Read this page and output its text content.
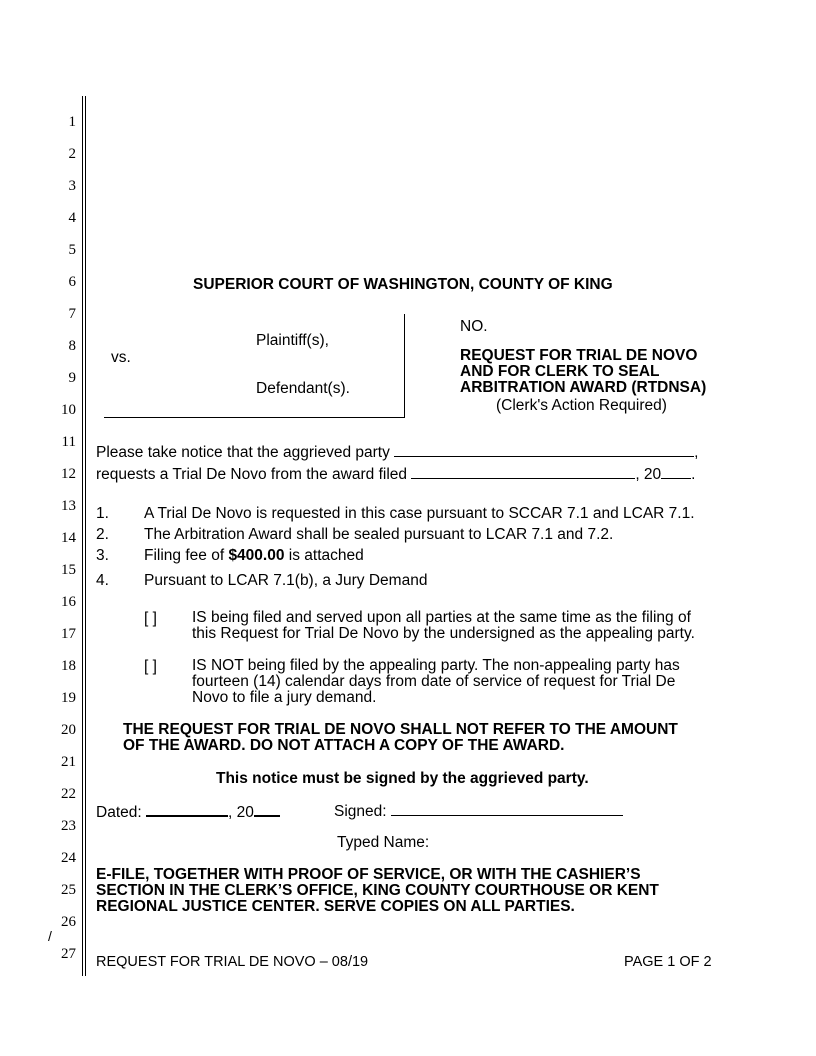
1
2
3
4
5
6
7
8
9
10
11
12
13
14
15
16
17
18
19
20
21
22
23
24
25
26
27
/
SUPERIOR COURT OF WASHINGTON, COUNTY OF KING
Plaintiff(s),
vs.
Defendant(s).
NO.
REQUEST FOR TRIAL DE NOVO
AND FOR CLERK TO SEAL
ARBITRATION AWARD (RTDNSA)
(Clerk's Action Required)
Please take notice that the aggrieved party	,
requests a Trial De Novo from the award filed	, 20 .
1. A Trial De Novo is requested in this case pursuant to SCCAR 7.1 and LCAR 7.1.
2. The Arbitration Award shall be sealed pursuant to LCAR 7.1 and 7.2.
3. Filing fee of $400.00 is attached
4. Pursuant to LCAR 7.1(b), a Jury Demand
[ ] IS being filed and served upon all parties at the same time as the filing of
this Request for Trial De Novo by the undersigned as the appealing party.
[ ] IS NOT being filed by the appealing party. The non-appealing party has
fourteen (14) calendar days from date of service of request for Trial De
Novo to file a jury demand.
THE REQUEST FOR TRIAL DE NOVO SHALL NOT REFER TO THE AMOUNT
OF THE AWARD. DO NOT ATTACH A COPY OF THE AWARD.
This notice must be signed by the aggrieved party.
Dated:	, 20	Signed:
Typed Name:
E-FILE, TOGETHER WITH PROOF OF SERVICE, OR WITH THE CASHIER’S
SECTION IN THE CLERK’S OFFICE, KING COUNTY COURTHOUSE OR KENT
REGIONAL JUSTICE CENTER. SERVE COPIES ON ALL PARTIES.
REQUEST FOR TRIAL DE NOVO – 08/19	PAGE 1 OF 2
